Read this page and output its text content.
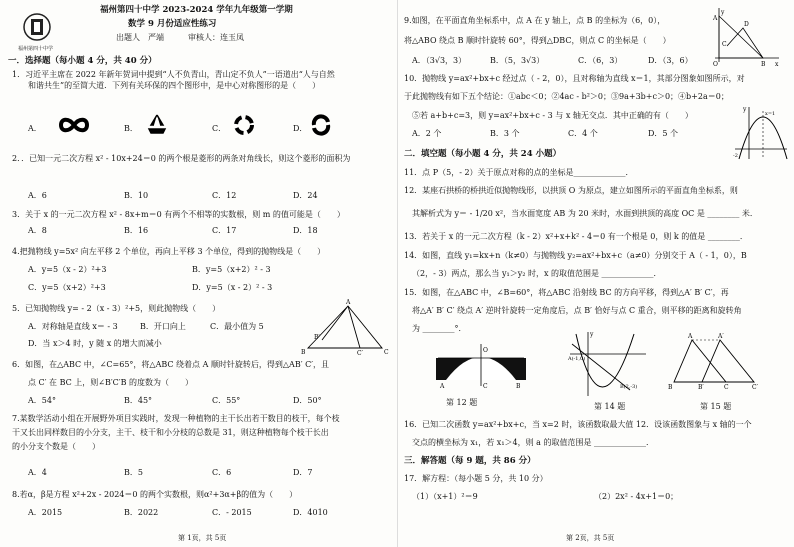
福州第四十中学
福州第四十中学 2023-2024 学年九年级第一学期
数学 9 月份适应性练习
出题人　严端　　　审核人：连玉凤
一．选择题（每小题 4 分，共 40 分）
1．习近平主席在 2022 年新年贺词中提到“人不负青山，青山定不负人”一语道出“人与自然
和谐共生”的至简大道．下列有关环保的四个图形中，是中心对称图形的是（　　）
A．	B．	C．	D．
2．．已知一元二次方程 x² - 10x+24＝0 的两个根是菱形的两条对角线长，则这个菱形的面积为
A．6	B．10	C．12	D．24
3．关于 x 的一元二次方程 x² - 8x+m＝0 有两个不相等的实数根，则 m 的值可能是（　　）
A．8	B．16	C．17	D．18
4.把抛物线 y=5x² 向左平移 2 个单位，再向上平移 3 个单位，得到的抛物线是（　　）
A．y=5（x - 2）²+3	B．y=5（x+2）² - 3
C．y=5（x+2）²+3	D．y=5（x - 2）² - 3
5．已知抛物线 y= - 2（x - 3）²+5，则此抛物线（　　）
A．对称轴是直线 x＝ - 3	B．开口向上	C．最小值为 5
D．当 x＞4 时，y 随 x 的增大而减小
B	C
A
C′
B′
6．如图，在△ABC 中，∠C=65°，将△ABC 绕着点 A 顺时针旋转后，得到△AB′ C′，且
点 C′ 在 BC 上，则∠B′C′B 的度数为（　　）
A．54°	B．45°	C．55°	D．50°
7.某数学活动小组在开展野外项目实践时，发现一种植物的主干长出若干数目的枝干，每个枝
干又长出同样数目的小分支，主干、枝干和小分枝的总数是 31，则这种植物每个枝干长出
的小分支个数是（　　）
A．4	B．5	C．6	D．7
8.若α，β是方程 x²+2x - 2024＝0 的两个实数根，则α²+3α+β的值为（　　）
A．2015	B．2022	C．- 2015	D．4010
第 1页，共 5页
9.如图，在平面直角坐标系中，点 A 在 y 轴上，点 B 的坐标为（6，0），
将△ABO 绕点 B 顺时针旋转 60°，得到△DBC，则点 C 的坐标是（　　）
y
x
O
A
B
D
C
A．（3√3，3）	B．（5，3√3）	C．（6，3）	D．（3，6）
10．抛物线 y=ax²+bx+c 经过点（ - 2，0），且对称轴为直线 x＝1，其部分图象如图所示，对
于此抛物线有如下五个结论：①abc＜0；②4ac - b²＞0；③9a+3b+c＞0；④b+2a＝0；
⑤若 a+b+c=3，则 y=ax²+bx+c - 3 与 x 轴无交点．其中正确的有（　　）
y
x=1
-2
A．2 个	B．3 个	C．4 个	D．5 个
二．填空题（每小题 4 分，共 24 小题）
11．点 P（5，- 2）关于原点对称的点的坐标是_____________．
12．某座石拱桥的桥拱近似抛物线形，以拱顶 O 为原点，建立如图所示的平面直角坐标系，则
其解析式为 y＝ - 1/20 x²，当水面宽度 AB 为 20 米时，水面到拱顶的高度 OC 是 ________ 米．
13．若关于 x 的一元二次方程（k - 2）x²+x+k² - 4＝0 有一个根是 0，则 k 的值是 ________．
14．如图，直线 y₁=kx+n（k≠0）与抛物线 y₂=ax²+bx+c（a≠0）分别交于 A（ - 1，0），B
（2，- 3）两点，那么当 y₁＞y₂ 时，x 的取值范围是 _____________．
15．如图，在△ABC 中，∠B=60°，将△ABC 沿射线 BC 的方向平移，得到△A′ B′ C′，再
将△A′ B′ C′ 绕点 A′ 逆时针旋转一定角度后，点 B′ 恰好与点 C 重合，则平移的距离和旋转角
为 ________°．
O
A	B
C
A(-1,0)
B(2,-3)
y	A	A′
B	B′	C	C′
第 12 题	第 14 题	第 15 题
16．已知二次函数 y=ax²+bx+c，当 x=2 时，该函数取最大值 12．设该函数图象与 x 轴的一个
交点的横坐标为 x₁，若 x₁＞4，则 a 的取值范围是 _____________．
三．解答题（每 9 题，共 86 分）
17．解方程：（每小题 5 分，共 10 分）
（1）（x+1）²＝9	（2）2x² - 4x+1＝0；
第 2页，共 5页
